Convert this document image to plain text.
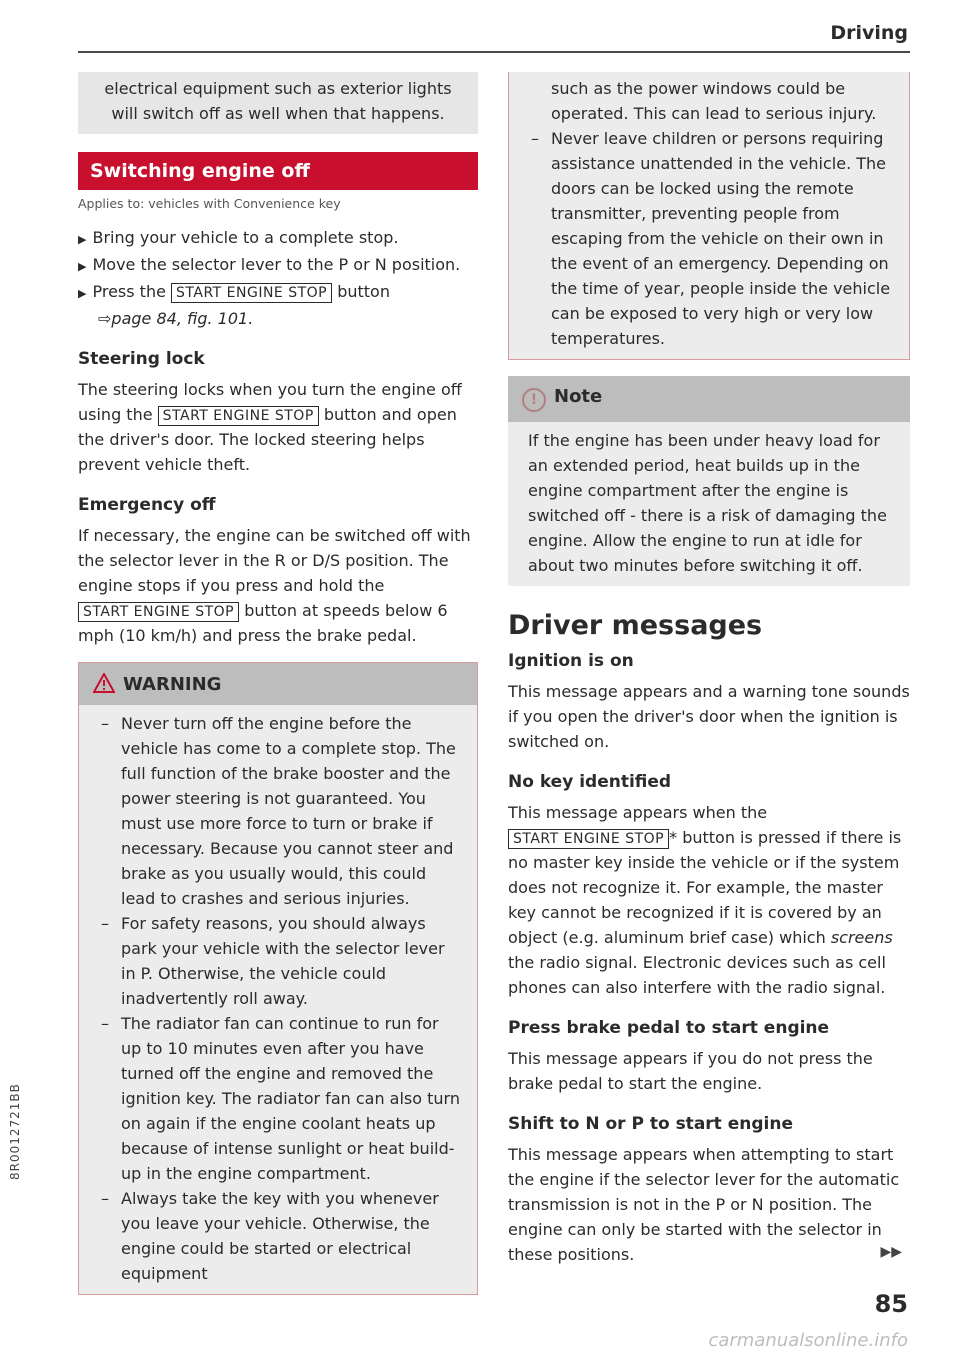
Driving
electrical equipment such as exterior lights will switch off as well when that happens.
Switching engine off
Applies to: vehicles with Convenience key
▶ Bring your vehicle to a complete stop.
▶ Move the selector lever to the P or N position.
▶ Press the START ENGINE STOP button
⇨page 84, fig. 101.
Steering lock

The steering locks when you turn the engine off using the START ENGINE STOP button and open the driver's door. The locked steering helps prevent vehicle theft.

Emergency off

If necessary, the engine can be switched off with the selector lever in the R or D/S position. The engine stops if you press and hold the START ENGINE STOP button at speeds below 6 mph (10 km/h) and press the brake pedal.

WARNING
– Never turn off the engine before the vehicle has come to a complete stop. The full function of the brake booster and the power steering is not guaranteed. You must use more force to turn or brake if necessary. Because you cannot steer and brake as you usually would, this could lead to crashes and serious injuries.
– For safety reasons, you should always park your vehicle with the selector lever in P. Otherwise, the vehicle could inadvertently roll away.
– The radiator fan can continue to run for up to 10 minutes even after you have turned off the engine and removed the ignition key. The radiator fan can also turn on again if the engine coolant heats up because of intense sunlight or heat build-up in the engine compartment.
– Always take the key with you whenever you leave your vehicle. Otherwise, the engine could be started or electrical equipment

such as the power windows could be operated. This can lead to serious injury.

– Never leave children or persons requiring assistance unattended in the vehicle. The doors can be locked using the remote transmitter, preventing people from escaping from the vehicle on their own in the event of an emergency. Depending on the time of year, people inside the vehicle can be exposed to very high or very low temperatures.
! Note
If the engine has been under heavy load for an extended period, heat builds up in the engine compartment after the engine is switched off - there is a risk of damaging the engine. Allow the engine to run at idle for about two minutes before switching it off.
Driver messages
Ignition is on

This message appears and a warning tone sounds if you open the driver's door when the ignition is switched on.

No key identified

This message appears when the START ENGINE STOP * button is pressed if there is no master key inside the vehicle or if the system does not recognize it. For example, the master key cannot be recognized if it is covered by an object (e.g. aluminum brief case) which screens the radio signal. Electronic devices such as cell phones can also interfere with the radio signal.

Press brake pedal to start engine

This message appears if you do not press the brake pedal to start the engine.

Shift to N or P to start engine

This message appears when attempting to start the engine if the selector lever for the automatic transmission is not in the P or N position. The engine can only be started with the selector in these positions.	▶▶

85
8R0012721BB
carmanualsonline.info
